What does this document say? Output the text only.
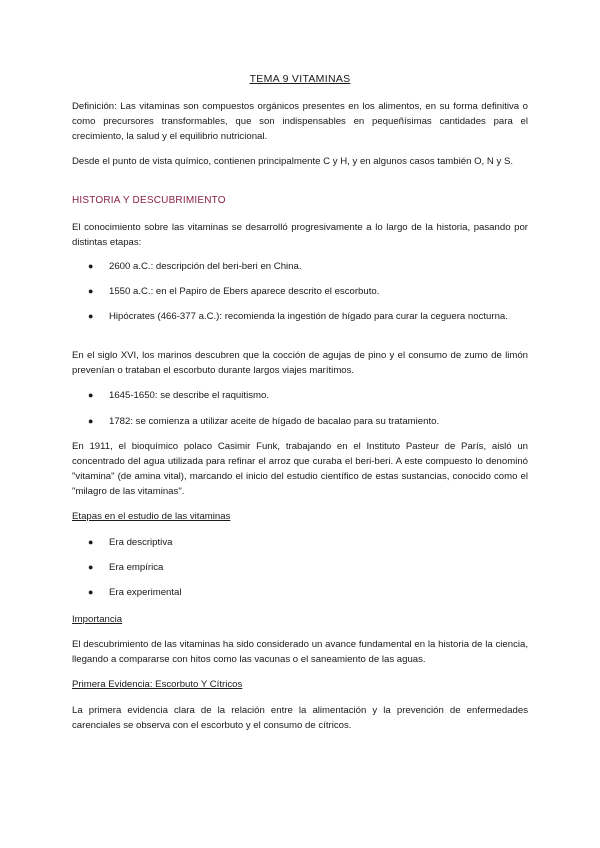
TEMA 9 VITAMINAS

Definición: Las vitaminas son compuestos orgánicos presentes en los alimentos, en su forma definitiva o como precursores transformables, que son indispensables en pequeñísimas cantidades para el crecimiento, la salud y el equilibrio nutricional.

Desde el punto de vista químico, contienen principalmente C y H, y en algunos casos también O, N y S.

HISTORIA Y DESCUBRIMIENTO

El conocimiento sobre las vitaminas se desarrolló progresivamente a lo largo de la historia, pasando por distintas etapas:

●	2600 a.C.: descripción del beri-beri en China.
●	1550 a.C.: en el Papiro de Ebers aparece descrito el escorbuto.
●	Hipócrates (466-377 a.C.): recomienda la ingestión de hígado para curar la ceguera nocturna.

En el siglo XVI, los marinos descubren que la cocción de agujas de pino y el consumo de zumo de limón prevenían o trataban el escorbuto durante largos viajes marítimos.

●	1645-1650: se describe el raquitismo.
●	1782: se comienza a utilizar aceite de hígado de bacalao para su tratamiento.

En 1911, el bioquímico polaco Casimir Funk, trabajando en el Instituto Pasteur de París, aisló un concentrado del agua utilizada para refinar el arroz que curaba el beri-beri. A este compuesto lo denominó "vitamina" (de amina vital), marcando el inicio del estudio científico de estas sustancias, conocido como el "milagro de las vitaminas".

Etapas en el estudio de las vitaminas
●	Era descriptiva
●	Era empírica
●	Era experimental
Importancia

El descubrimiento de las vitaminas ha sido considerado un avance fundamental en la historia de la ciencia, llegando a compararse con hitos como las vacunas o el saneamiento de las aguas.

Primera Evidencia: Escorbuto Y Cítricos

La primera evidencia clara de la relación entre la alimentación y la prevención de enfermedades carenciales se observa con el escorbuto y el consumo de cítricos.
